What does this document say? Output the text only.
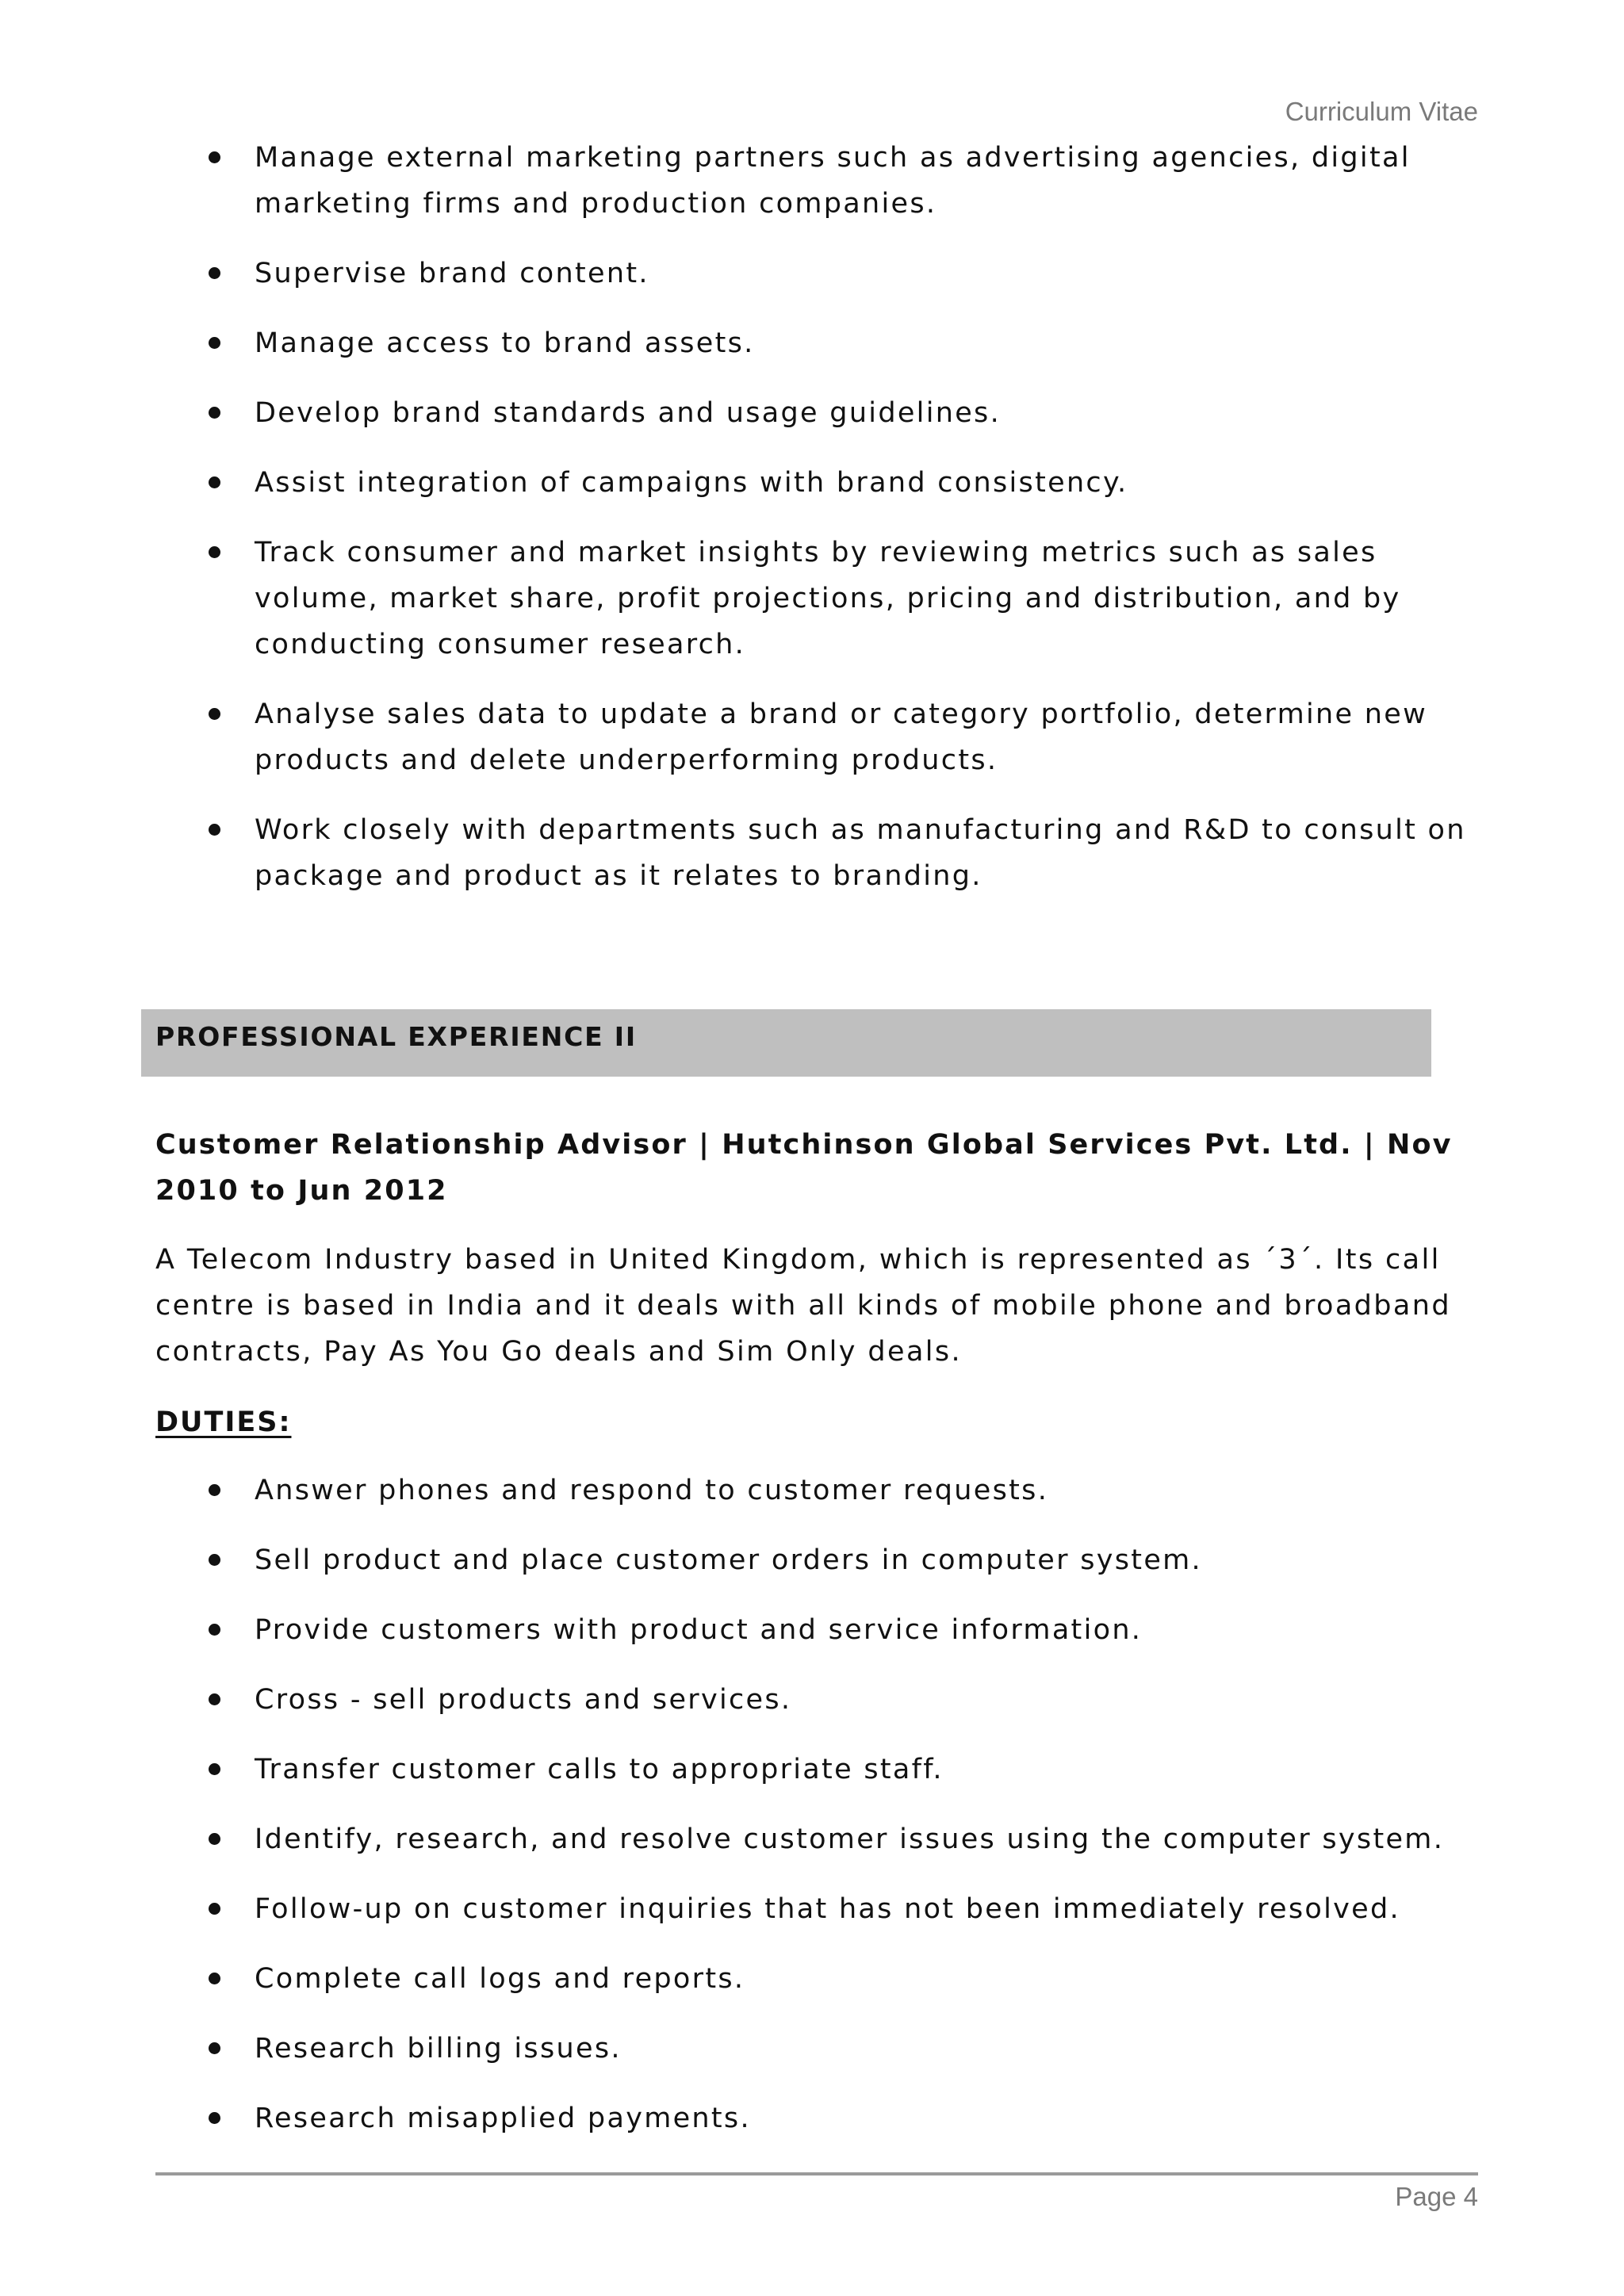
Curriculum Vitae
Manage external marketing partners such as advertising agencies, digital marketing firms and production companies.
Supervise brand content.
Manage access to brand assets.
Develop brand standards and usage guidelines.
Assist integration of campaigns with brand consistency.
Track consumer and market insights by reviewing metrics such as sales volume, market share, profit projections, pricing and distribution, and by conducting consumer research.
Analyse sales data to update a brand or category portfolio, determine new products and delete underperforming products.
Work closely with departments such as manufacturing and R&D to consult on package and product as it relates to branding.
PROFESSIONAL EXPERIENCE II
Customer Relationship Advisor | Hutchinson Global Services Pvt. Ltd. | Nov 2010 to Jun 2012
A Telecom Industry based in United Kingdom, which is represented as ´3´. Its call centre is based in India and it deals with all kinds of mobile phone and broadband contracts, Pay As You Go deals and Sim Only deals.
DUTIES:
Answer phones and respond to customer requests.
Sell product and place customer orders in computer system.
Provide customers with product and service information.
Cross - sell products and services.
Transfer customer calls to appropriate staff.
Identify, research, and resolve customer issues using the computer system.
Follow-up on customer inquiries that has not been immediately resolved.
Complete call logs and reports.
Research billing issues.
Research misapplied payments.
Page 4
